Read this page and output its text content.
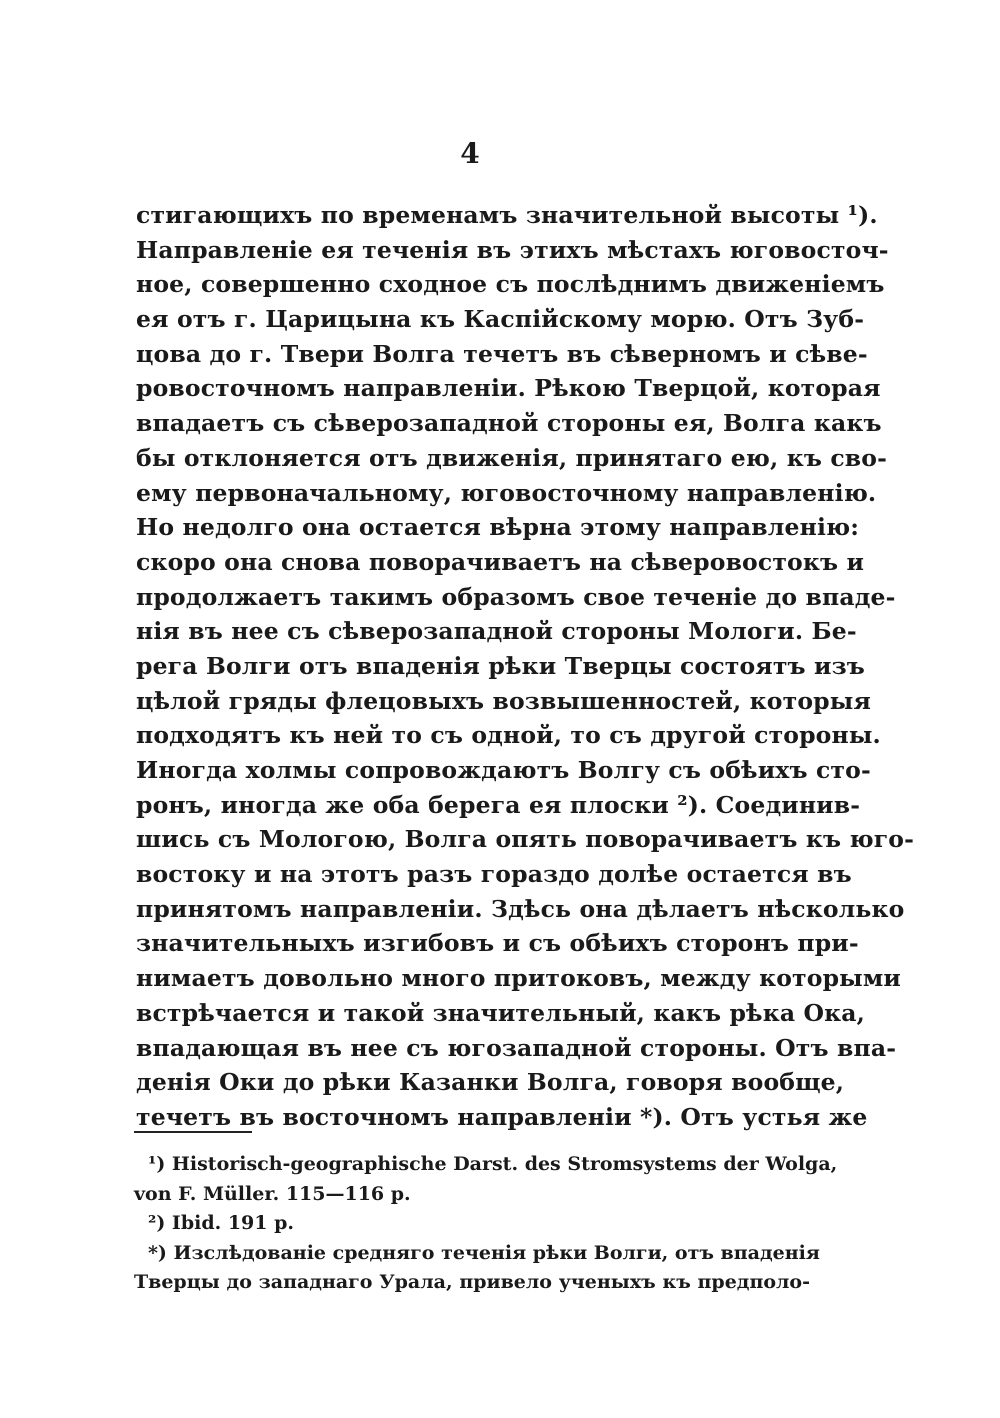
4
стигающихъ по временамъ значительной высоты ¹).
Направленіе ея теченія въ этихъ мѣстахъ юговосточ-
ное, совершенно сходное съ послѣднимъ движеніемъ
ея отъ г. Царицына къ Каспійскому морю. Отъ Зуб-
цова до г. Твери Волга течетъ въ сѣверномъ и сѣве-
ровосточномъ направленіи. Рѣкою Тверцой, которая
впадаетъ съ сѣверозападной стороны ея, Волга какъ
бы отклоняется отъ движенія, принятаго ею, къ сво-
ему первоначальному, юговосточному направленію.
Но недолго она остается вѣрна этому направленію:
скоро она снова поворачиваетъ на сѣверовостокъ и
продолжаетъ такимъ образомъ свое теченіе до впаде-
нія въ нее съ сѣверозападной стороны Мологи. Бе-
рега Волги отъ впаденія рѣки Тверцы состоятъ изъ
цѣлой гряды флецовыхъ возвышенностей, которыя
подходятъ къ ней то съ одной, то съ другой стороны.
Иногда холмы сопровождаютъ Волгу съ обѣихъ сто-
ронъ, иногда же оба берега ея плоски ²). Соединив-
шись съ Мологою, Волга опять поворачиваетъ къ юго-
востоку и на этотъ разъ гораздо долѣе остается въ
принятомъ направленіи. Здѣсь она дѣлаетъ нѣсколько
значительныхъ изгибовъ и съ обѣихъ сторонъ при-
нимаетъ довольно много притоковъ, между которыми
встрѣчается и такой значительный, какъ рѣка Ока,
впадающая въ нее съ югозападной стороны. Отъ впа-
денія Оки до рѣки Казанки Волга, говоря вообще,
течетъ въ восточномъ направленіи *). Отъ устья же
¹) Historisch-geographische Darst. des Stromsystems der Wolga,
von F. Müller. 115—116 p.
²) Ibid. 191 p.
*) Изслѣдованіе средняго теченія рѣки Волги, отъ впаденія
Тверцы до западнаго Урала, привело ученыхъ къ предполо-
